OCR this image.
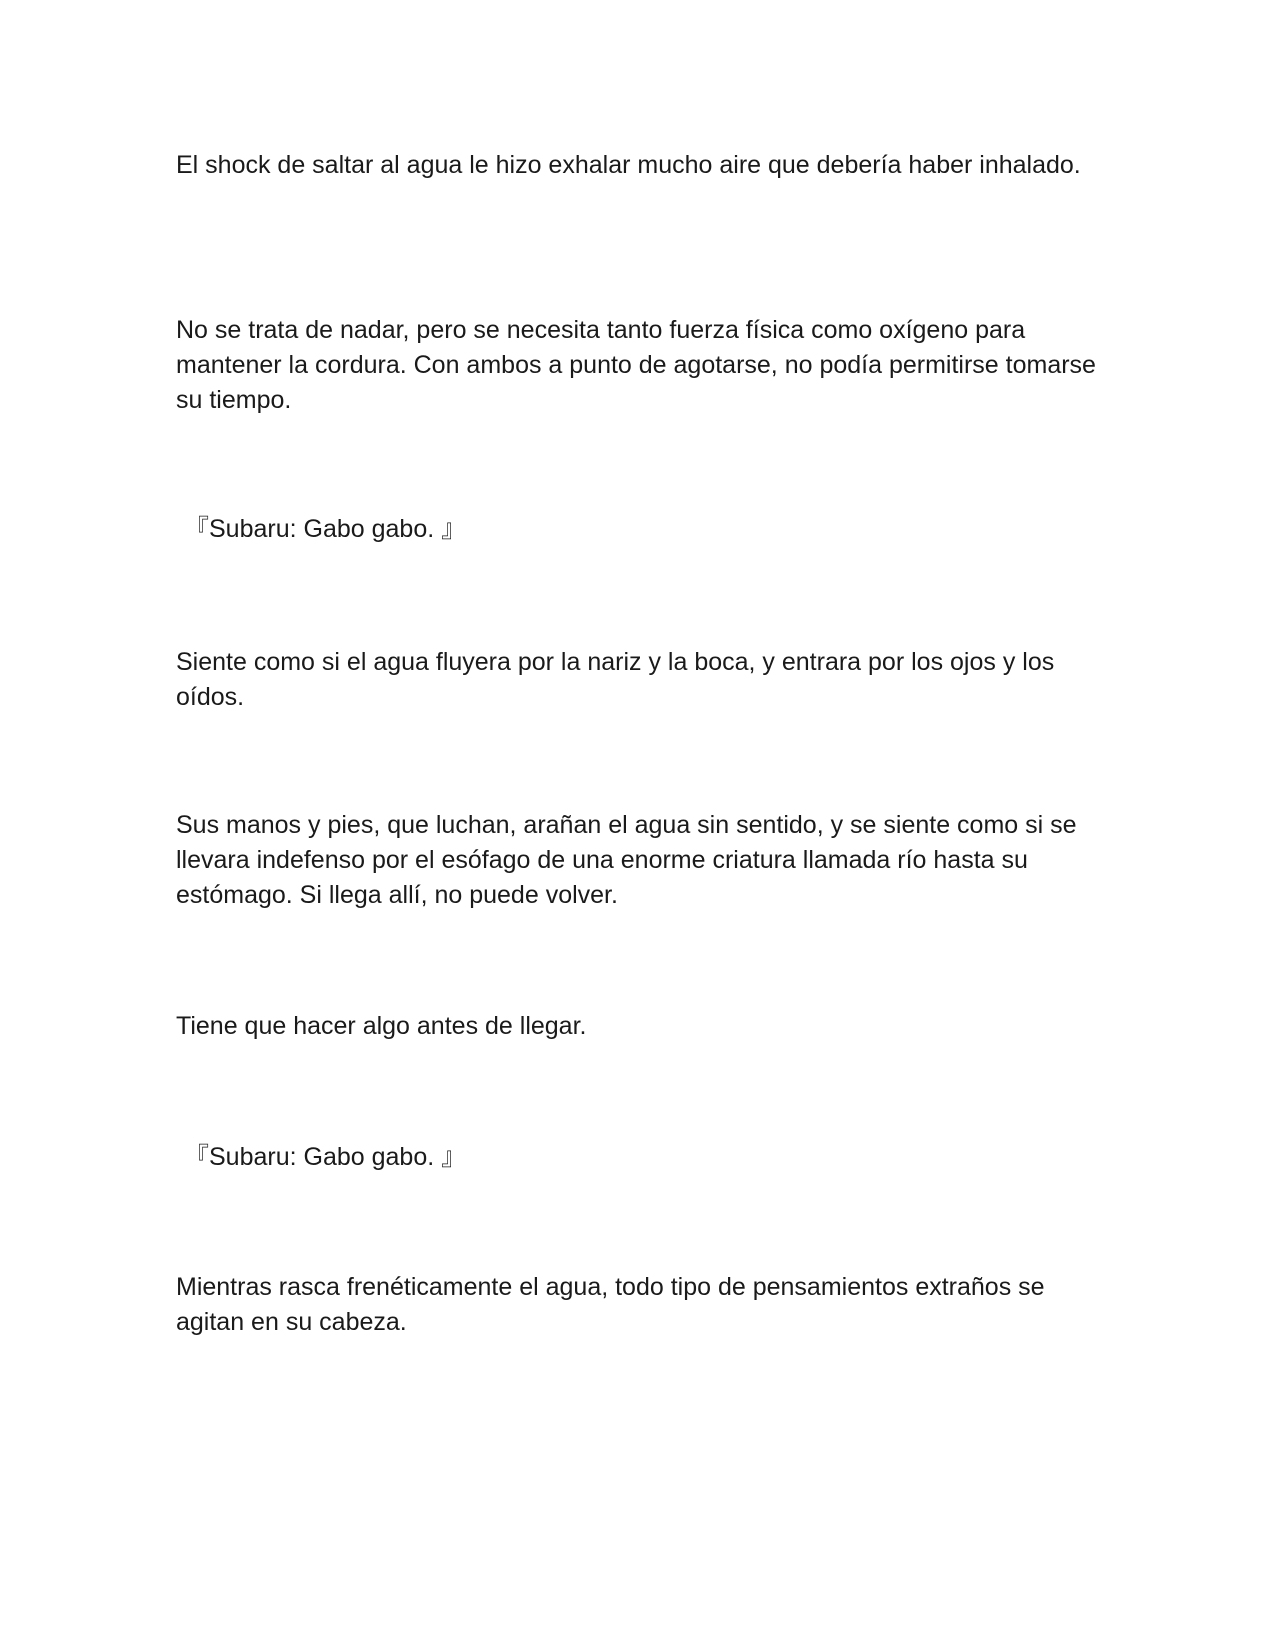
El shock de saltar al agua le hizo exhalar mucho aire que debería haber inhalado.

No se trata de nadar, pero se necesita tanto fuerza física como oxígeno para mantener la cordura. Con ambos a punto de agotarse, no podía permitirse tomarse su tiempo.

『Subaru: Gabo gabo. 』

Siente como si el agua fluyera por la nariz y la boca, y entrara por los ojos y los oídos.

Sus manos y pies, que luchan, arañan el agua sin sentido, y se siente como si se llevara indefenso por el esófago de una enorme criatura llamada río hasta su estómago. Si llega allí, no puede volver.

Tiene que hacer algo antes de llegar.

『Subaru: Gabo gabo. 』

Mientras rasca frenéticamente el agua, todo tipo de pensamientos extraños se agitan en su cabeza.
